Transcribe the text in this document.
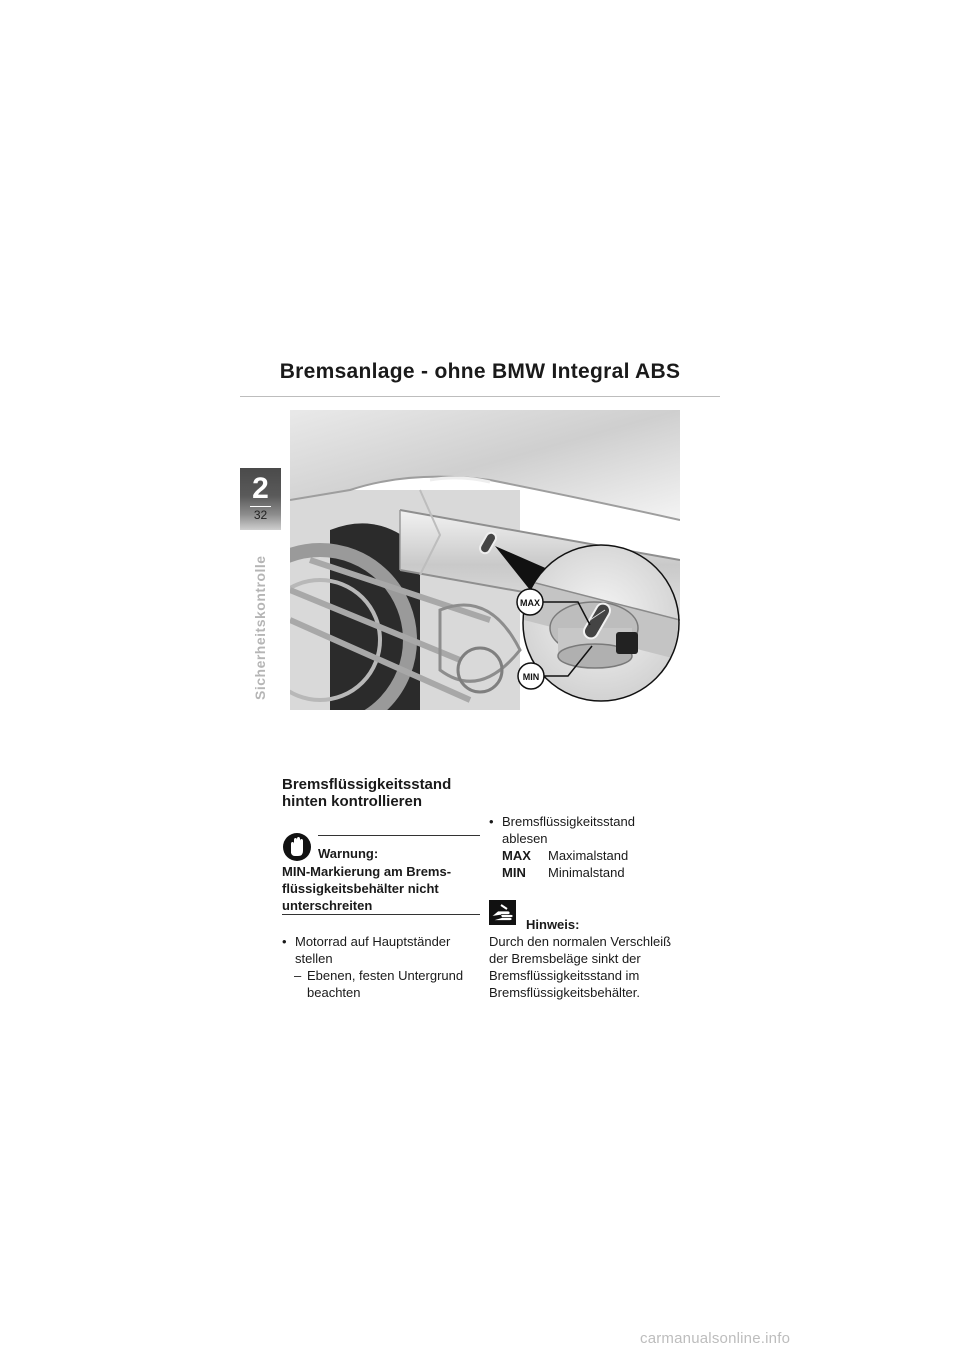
Bremsanlage - ohne BMW Integral ABS
2
32
Sicherheitskontrolle	MAX
MIN
Bremsflüssigkeitsstand
hinten kontrollieren
Warnung:
MIN-Markierung am Brems-
flüssigkeitsbehälter nicht
unterschreiten
• Motorrad auf Hauptständer
stellen
– Ebenen, festen Untergrund
beachten
• Bremsflüssigkeitsstand
ablesen
MAX	Maximalstand
MIN	Minimalstand
Hinweis:
Durch den normalen Verschleiß
der Bremsbeläge sinkt der
Bremsflüssigkeitsstand im
Bremsflüssigkeitsbehälter.
carmanualsonline.info
